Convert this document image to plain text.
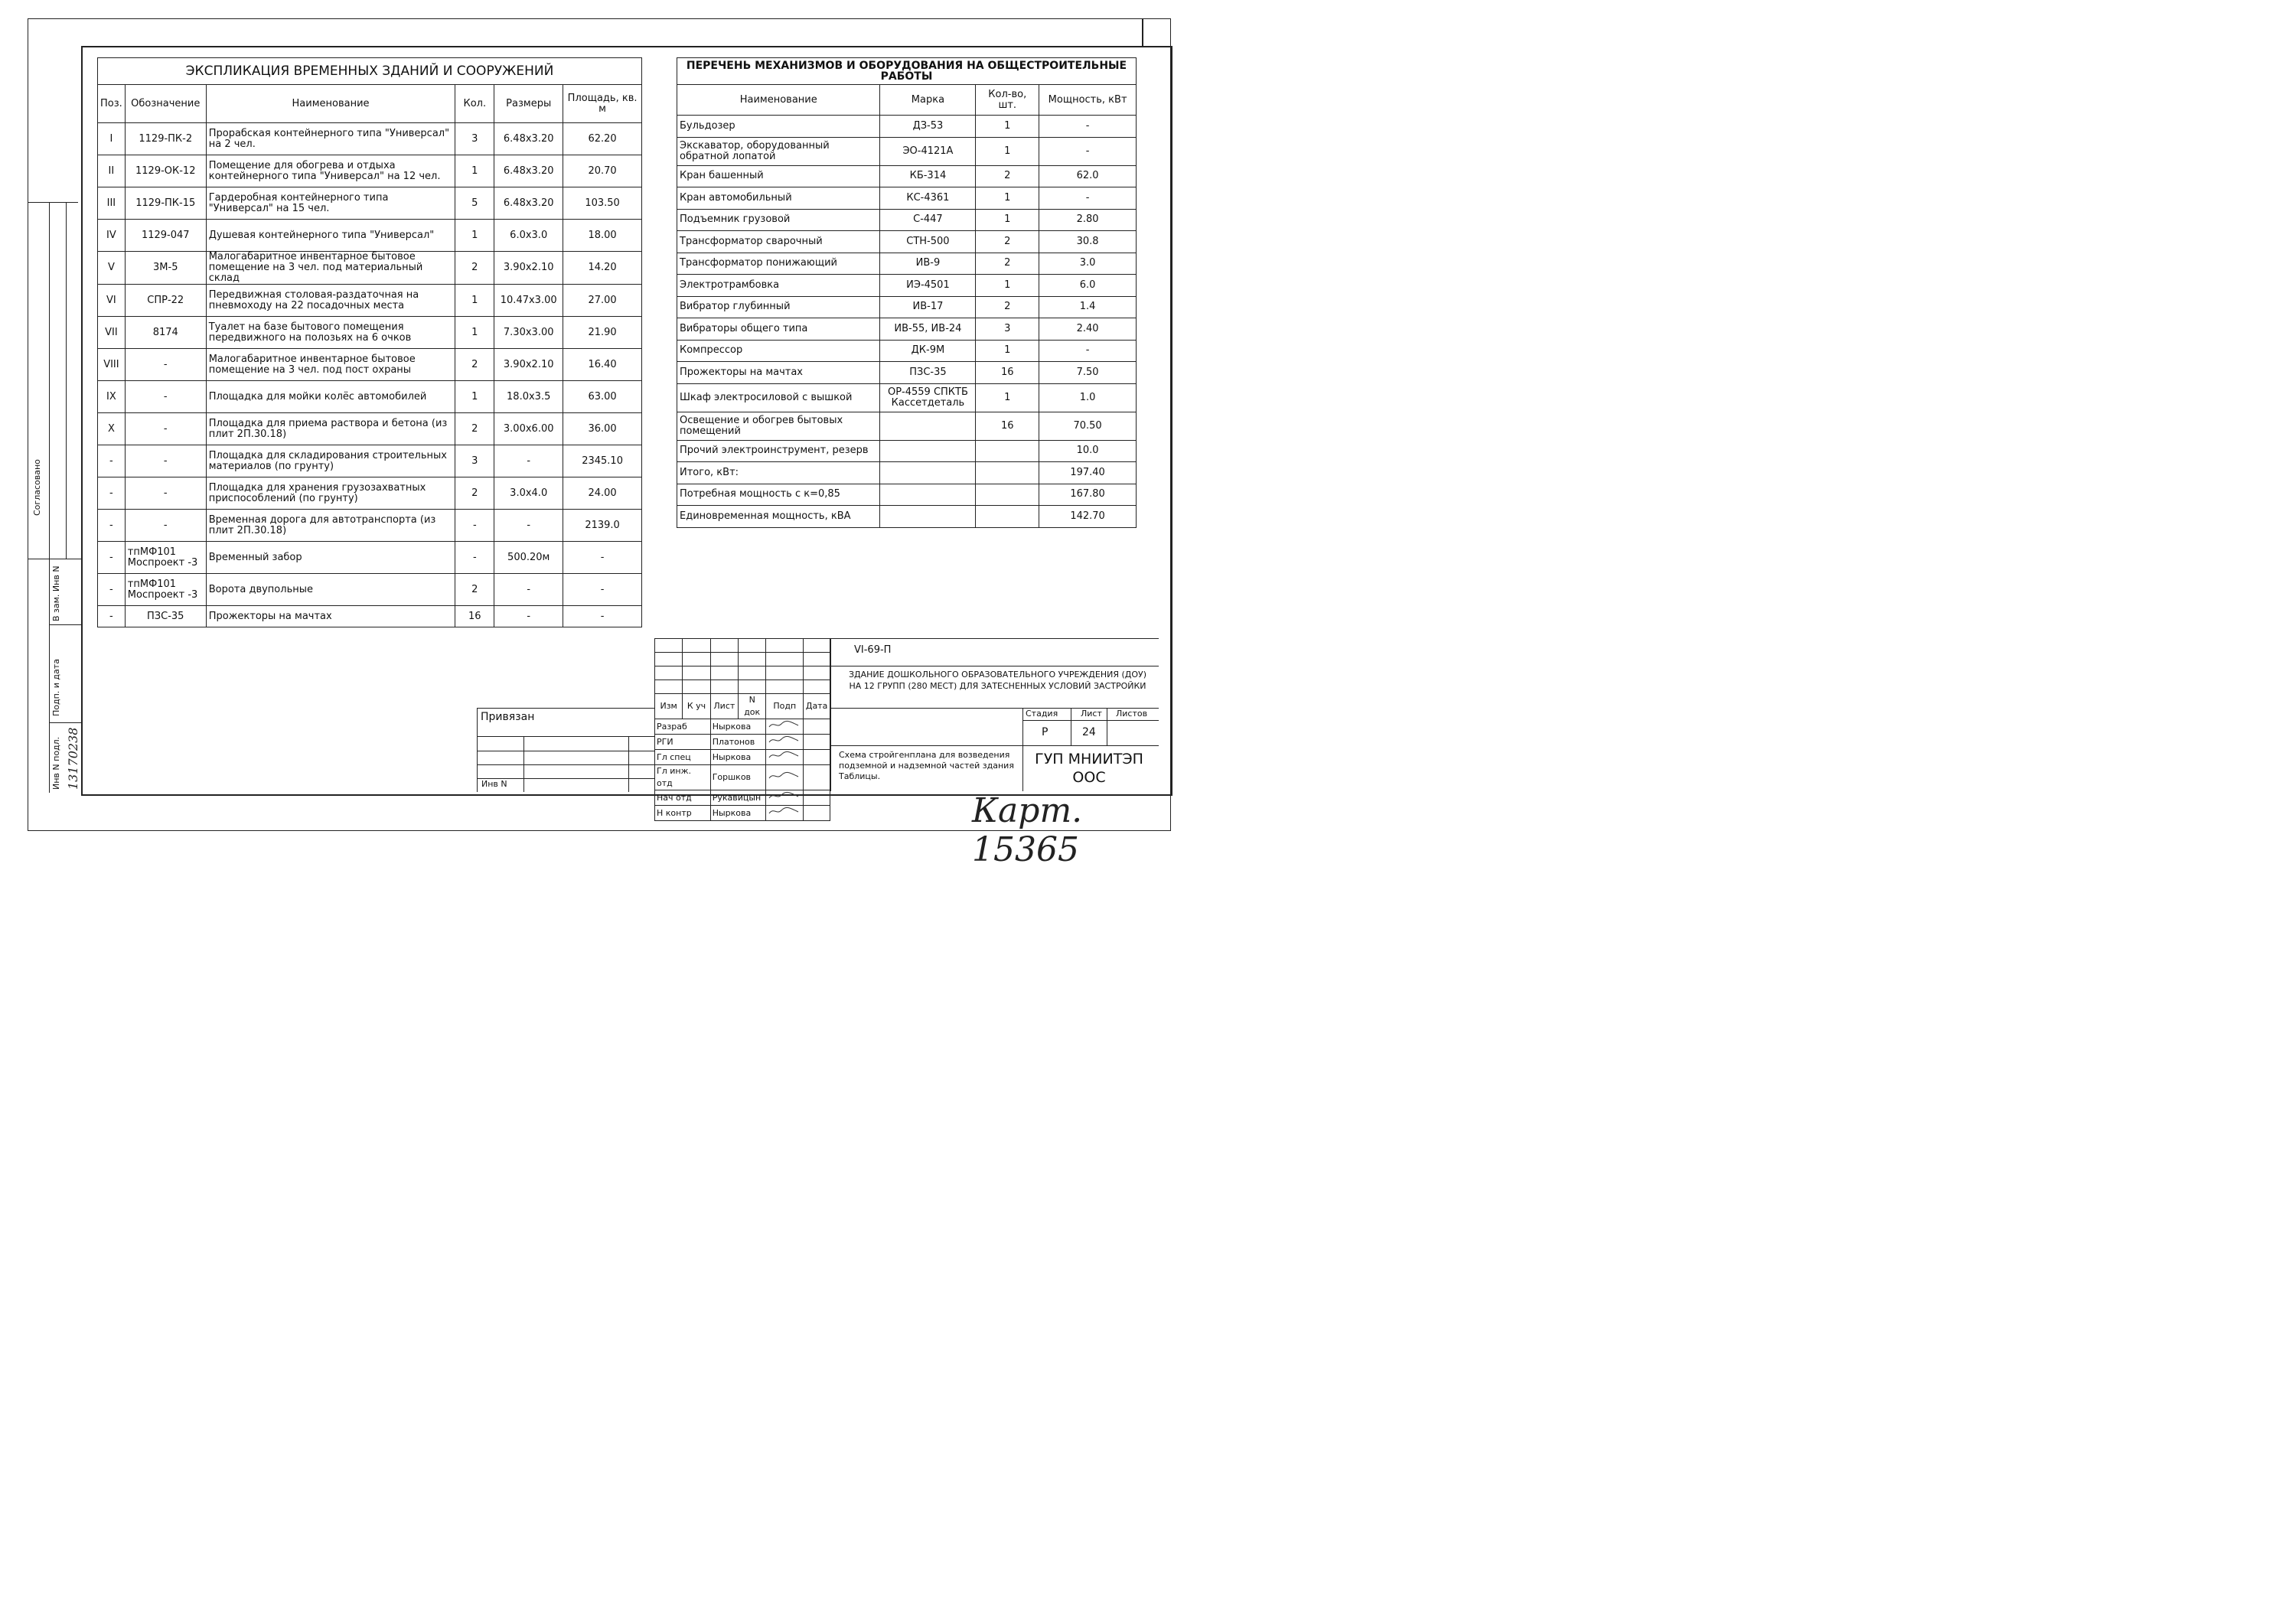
Согласовано
В зам. Инв N
Подп. и дата
Инв N подл. 13170238
ЭКСПЛИКАЦИЯ ВРЕМЕННЫХ ЗДАНИЙ И СООРУЖЕНИЙ					
Поз.	Обозначение	Наименование	Кол.	Размеры	Площадь, кв. м
I	1129-ПК-2	Прорабская контейнерного типа "Универсал" на 2 чел.	3	6.48x3.20	62.20
II	1129-ОК-12	Помещение для обогрева и отдыха контейнерного типа "Универсал" на 12 чел.	1	6.48x3.20	20.70
III	1129-ПК-15	Гардеробная контейнерного типа "Универсал" на 15 чел.	5	6.48x3.20	103.50
IV	1129-047	Душевая контейнерного типа "Универсал"	1	6.0x3.0	18.00
V	3М-5	Малогабаритное инвентарное бытовое помещение на 3 чел. под материальный склад	2	3.90x2.10	14.20
VI	СПР-22	Передвижная столовая-раздаточная на пневмоходу на 22 посадочных места	1	10.47x3.00	27.00
VII	8174	Туалет на базе бытового помещения передвижного на полозьях на 6 очков	1	7.30x3.00	21.90
VIII	-	Малогабаритное инвентарное бытовое помещение на 3 чел. под пост охраны	2	3.90x2.10	16.40
IX	-	Площадка для мойки колёс автомобилей	1	18.0x3.5	63.00
X	-	Площадка для приема раствора и бетона (из плит 2П.30.18)	2	3.00x6.00	36.00
-	-	Площадка для складирования строительных материалов (по грунту)	3	-	2345.10
-	-	Площадка для хранения грузозахватных приспособлений (по грунту)	2	3.0x4.0	24.00
-	-	Временная дорога для автотранспорта (из плит 2П.30.18)	-	-	2139.0
-	тпМФ101 Моспроект -3	Временный забор	-	500.20м	-
-	тпМФ101 Моспроект -3	Ворота двупольные	2	-	-
-	ПЗС-35	Прожекторы на мачтах	16	-	-
ПЕРЕЧЕНЬ МЕХАНИЗМОВ И ОБОРУДОВАНИЯ НА ОБЩЕСТРОИТЕЛЬНЫЕ РАБОТЫ			
Наименование	Марка	Кол-во, шт.	Мощность, кВт
Бульдозер	ДЗ-53	1	-
Экскаватор, оборудованный обратной лопатой	ЭО-4121А	1	-
Кран башенный	КБ-314	2	62.0
Кран автомобильный	КС-4361	1	-
Подъемник грузовой	С-447	1	2.80
Трансформатор сварочный	СТН-500	2	30.8
Трансформатор понижающий	ИВ-9	2	3.0
Электротрамбовка	ИЭ-4501	1	6.0
Вибратор глубинный	ИВ-17	2	1.4
Вибраторы общего типа	ИВ-55, ИВ-24	3	2.40
Компрессор	ДК-9М	1	-
Прожекторы на мачтах	ПЗС-35	16	7.50
Шкаф электросиловой с вышкой	ОР-4559 СПКТБ Кассетдеталь	1	1.0
Освещение и обогрев бытовых помещений		16	70.50
Прочий электроинструмент, резерв			10.0
Итого, кВт:			197.40
Потребная мощность с к=0,85			167.80
Единовременная мощность, кВА			142.70

Изм	К уч	Лист	N док	Подп	Дата
Разраб		Ныркова		
РГИ		Платонов		
Гл спец		Ныркова		
Гл инж. отд		Горшков		
Нач отд		Рукавицын		
Н контр		Ныркова		
Привязан
Инв N
VI-69-П
ЗДАНИЕ ДОШКОЛЬНОГО ОБРАЗОВАТЕЛЬНОГО УЧРЕЖДЕНИЯ (ДОУ) НА 12 ГРУПП (280 МЕСТ) ДЛЯ ЗАТЕСНЕННЫХ УСЛОВИЙ ЗАСТРОЙКИ
Стадия	Лист Листов
Р	24
Схема стройгенплана для возведения подземной и надземной частей здания Таблицы.
ГУП МНИИТЭП ООС
Карт. 15365
